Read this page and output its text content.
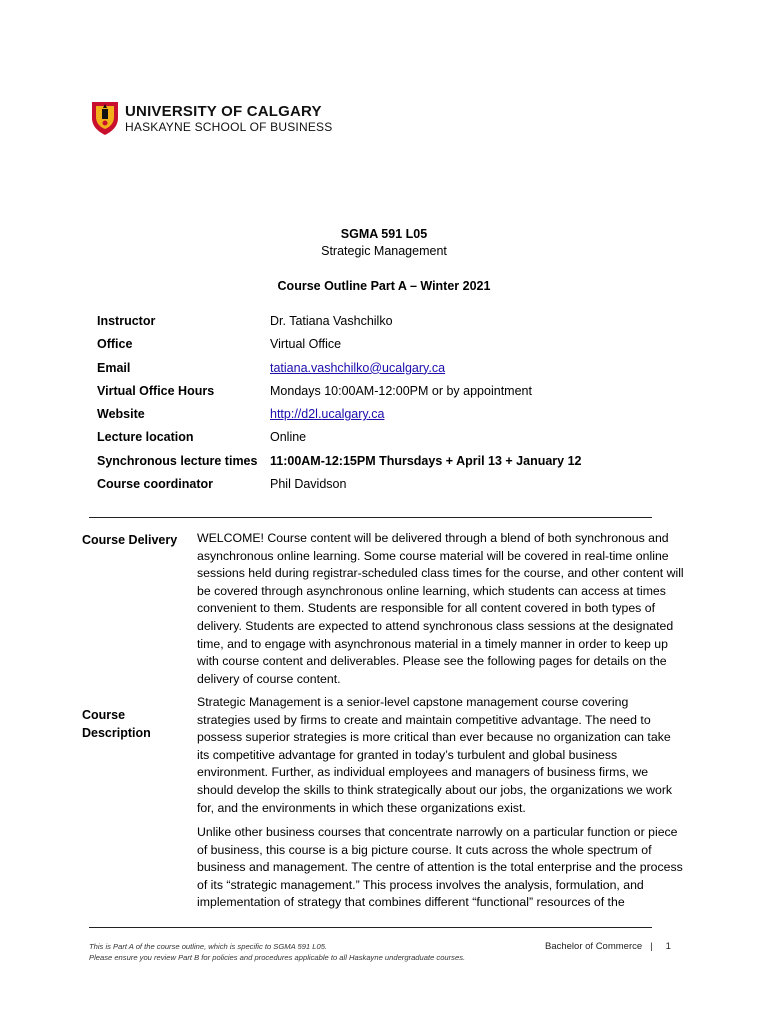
UNIVERSITY OF CALGARY
HASKAYNE SCHOOL OF BUSINESS
SGMA 591 L05
Strategic Management
Course Outline Part A – Winter 2021
Instructor	Dr. Tatiana Vashchilko
Office	Virtual Office
Email	tatiana.vashchilko@ucalgary.ca
Virtual Office Hours	Mondays 10:00AM-12:00PM or by appointment
Website	http://d2l.ucalgary.ca
Lecture location	Online
Synchronous lecture times 11:00AM-12:15PM Thursdays + April 13 + January 12
Course coordinator	Phil Davidson
Course Delivery	WELCOME! Course content will be delivered through a blend of both synchronous and asynchronous online learning. Some course material will be covered in real-time online sessions held during registrar-scheduled class times for the course, and other content will be covered through asynchronous online learning, which students can access at times convenient to them. Students are responsible for all content covered in both types of delivery. Students are expected to attend synchronous class sessions at the designated time, and to engage with asynchronous material in a timely manner in order to keep up with course content and deliverables. Please see the following pages for details on the delivery of course content.
Course Description
Strategic Management is a senior-level capstone management course covering strategies used by firms to create and maintain competitive advantage. The need to possess superior strategies is more critical than ever because no organization can take its competitive advantage for granted in today’s turbulent and global business environment. Further, as individual employees and managers of business firms, we should develop the skills to think strategically about our jobs, the organizations we work for, and the environments in which these organizations exist.
Unlike other business courses that concentrate narrowly on a particular function or piece of business, this course is a big picture course. It cuts across the whole spectrum of business and management. The centre of attention is the total enterprise and the process of its “strategic management.” This process involves the analysis, formulation, and implementation of strategy that combines different “functional” resources of the
This is Part A of the course outline, which is specific to SGMA 591 L05.
Please ensure you review Part B for policies and procedures applicable to all Haskayne undergraduate courses.
Bachelor of Commerce | 1
